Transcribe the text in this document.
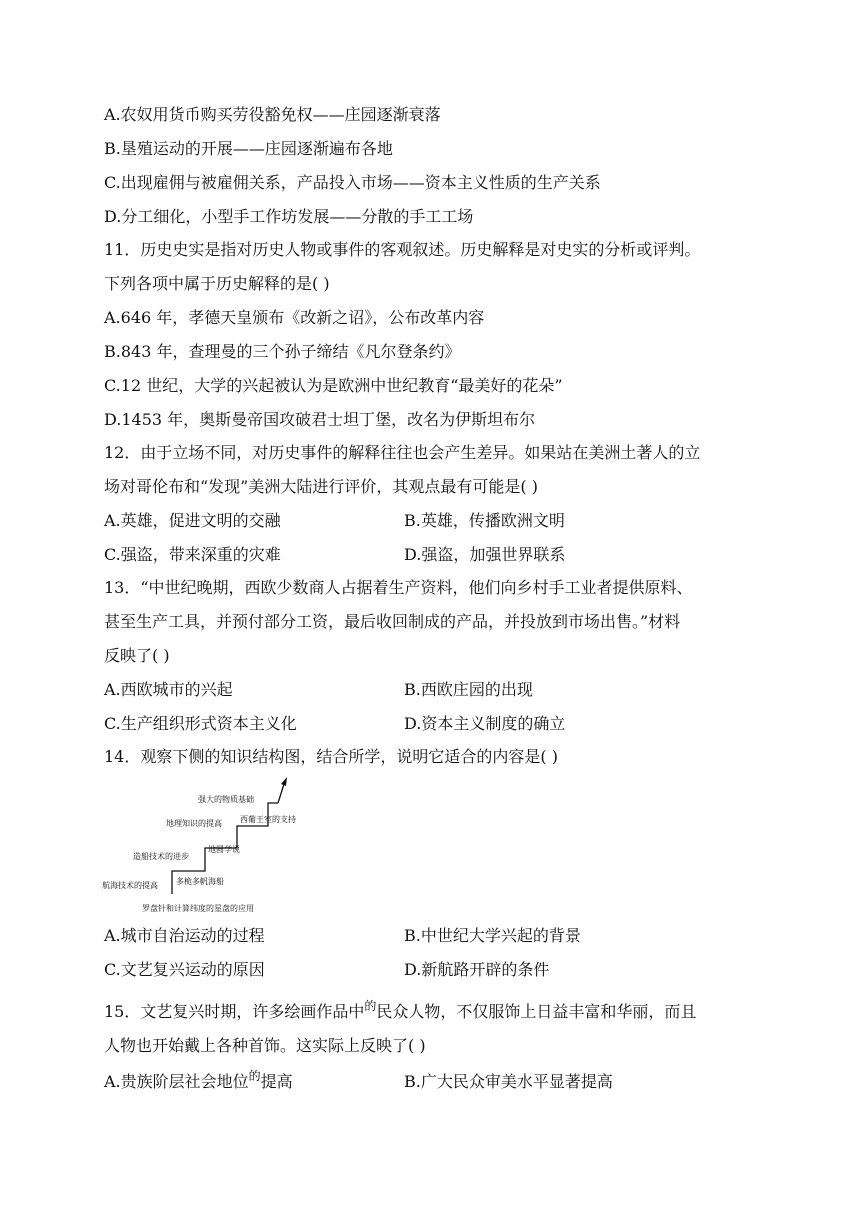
A.农奴用货币购买劳役豁免权——庄园逐渐衰落
B.垦殖运动的开展——庄园逐渐遍布各地
C.出现雇佣与被雇佣关系，产品投入市场——资本主义性质的生产关系
D.分工细化，小型手工作坊发展——分散的手工工场
11．历史史实是指对历史人物或事件的客观叙述。历史解释是对史实的分析或评判。
下列各项中属于历史解释的是( )
A.646 年，孝德天皇颁布《改新之诏》，公布改革内容
B.843 年，查理曼的三个孙子缔结《凡尔登条约》
C.12 世纪，大学的兴起被认为是欧洲中世纪教育“最美好的花朵”
D.1453 年，奥斯曼帝国攻破君士坦丁堡，改名为伊斯坦布尔
12．由于立场不同，对历史事件的解释往往也会产生差异。如果站在美洲土著人的立
场对哥伦布和“发现”美洲大陆进行评价，其观点最有可能是( )
A.英雄，促进文明的交融	B.英雄，传播欧洲文明
C.强盗，带来深重的灾难	D.强盗，加强世界联系
13．“中世纪晚期，西欧少数商人占据着生产资料，他们向乡村手工业者提供原料、
甚至生产工具，并预付部分工资，最后收回制成的产品，并投放到市场出售。”材料
反映了( )
A.西欧城市的兴起	B.西欧庄园的出现
C.生产组织形式资本主义化	D.资本主义制度的确立
14．观察下侧的知识结构图，结合所学，说明它适合的内容是( )
强大的物质基础
地理知识的提高
造船技术的进步
航海技术的提高
西葡王室的支持
地圆学说
多桅多帆海船
罗盘针和计算纬度的星盘的应用
A.城市自治运动的过程	B.中世纪大学兴起的背景
C.文艺复兴运动的原因	D.新航路开辟的条件
15．文艺复兴时期，许多绘画作品中$^的$民众人物，不仅服饰上日益丰富和华丽，而且
人物也开始戴上各种首饰。这实际上反映了( )
A.贵族阶层社会地位$^的$提高	B.广大民众审美水平显著提高
